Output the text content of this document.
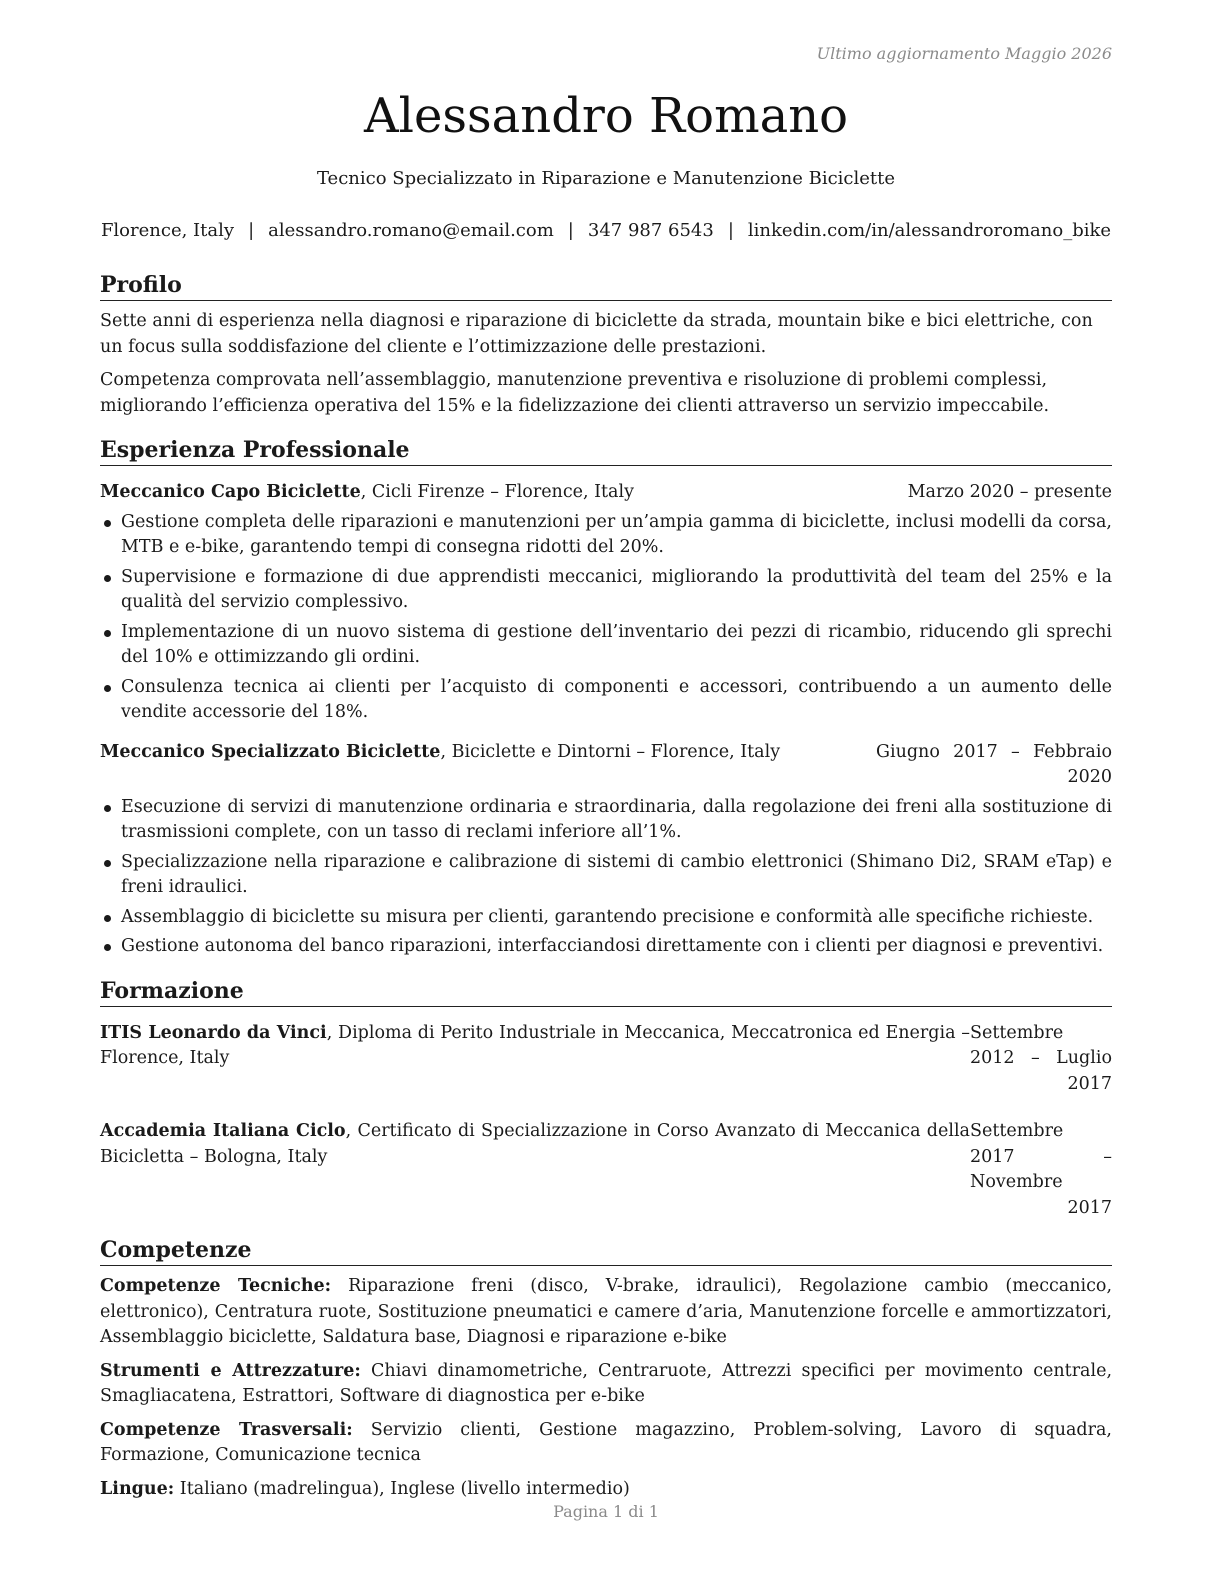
Ultimo aggiornamento Maggio 2026
Alessandro Romano
Tecnico Specializzato in Riparazione e Manutenzione Biciclette
Florence, Italy | alessandro.romano@email.com | 347 987 6543 | linkedin.com/in/alessandroromano_bike
Profilo

Sette anni di esperienza nella diagnosi e riparazione di biciclette da strada, mountain bike e bici elettriche, con un focus sulla soddisfazione del cliente e l’ottimizzazione delle prestazioni.

Competenza comprovata nell’assemblaggio, manutenzione preventiva e risoluzione di problemi complessi, migliorando l’efficienza operativa del 15% e la fidelizzazione dei clienti attraverso un servizio impeccabile.

Esperienza Professionale
Meccanico Capo Biciclette, Cicli Firenze – Florence, Italy	Marzo 2020 – presente
Gestione completa delle riparazioni e manutenzioni per un’ampia gamma di biciclette, inclusi modelli da corsa, MTB e e-bike, garantendo tempi di consegna ridotti del 20%.
Supervisione e formazione di due apprendisti meccanici, migliorando la produttività del team del 25% e la qualità del servizio complessivo.
Implementazione di un nuovo sistema di gestione dell’inventario dei pezzi di ricambio, riducendo gli sprechi del 10% e ottimizzando gli ordini.
Consulenza tecnica ai clienti per l’acquisto di componenti e accessori, contribuendo a un aumento delle vendite accessorie del 18%.
Meccanico Specializzato Biciclette, Biciclette e Dintorni – Florence, Italy	Giugno 2017 – Febbraio 2020
Esecuzione di servizi di manutenzione ordinaria e straordinaria, dalla regolazione dei freni alla sostituzione di trasmissioni complete, con un tasso di reclami inferiore all’1%.
Specializzazione nella riparazione e calibrazione di sistemi di cambio elettronici (Shimano Di2, SRAM eTap) e freni idraulici.
Assemblaggio di biciclette su misura per clienti, garantendo precisione e conformità alle specifiche richieste.
Gestione autonoma del banco riparazioni, interfacciandosi direttamente con i clienti per diagnosi e preventivi.
Formazione
ITIS Leonardo da Vinci, Diploma di Perito Industriale in Meccanica, Meccatronica ed Energia – Florence, Italy
Settembre 2012 – Luglio 2017
Accademia Italiana Ciclo, Certificato di Specializzazione in Corso Avanzato di Meccanica della Bicicletta – Bologna, Italy
Settembre 2017 – Novembre 2017
Competenze
Competenze Tecniche: Riparazione freni (disco, V-brake, idraulici), Regolazione cambio (meccanico, elettronico), Centratura ruote, Sostituzione pneumatici e camere d’aria, Manutenzione forcelle e ammortizzatori, Assemblaggio biciclette, Saldatura base, Diagnosi e riparazione e-bike
Strumenti e Attrezzature: Chiavi dinamometriche, Centraruote, Attrezzi specifici per movimento centrale, Smagliacatena, Estrattori, Software di diagnostica per e-bike
Competenze Trasversali: Servizio clienti, Gestione magazzino, Problem-solving, Lavoro di squadra, Formazione, Comunicazione tecnica
Lingue: Italiano (madrelingua), Inglese (livello intermedio)
Pagina 1 di 1
